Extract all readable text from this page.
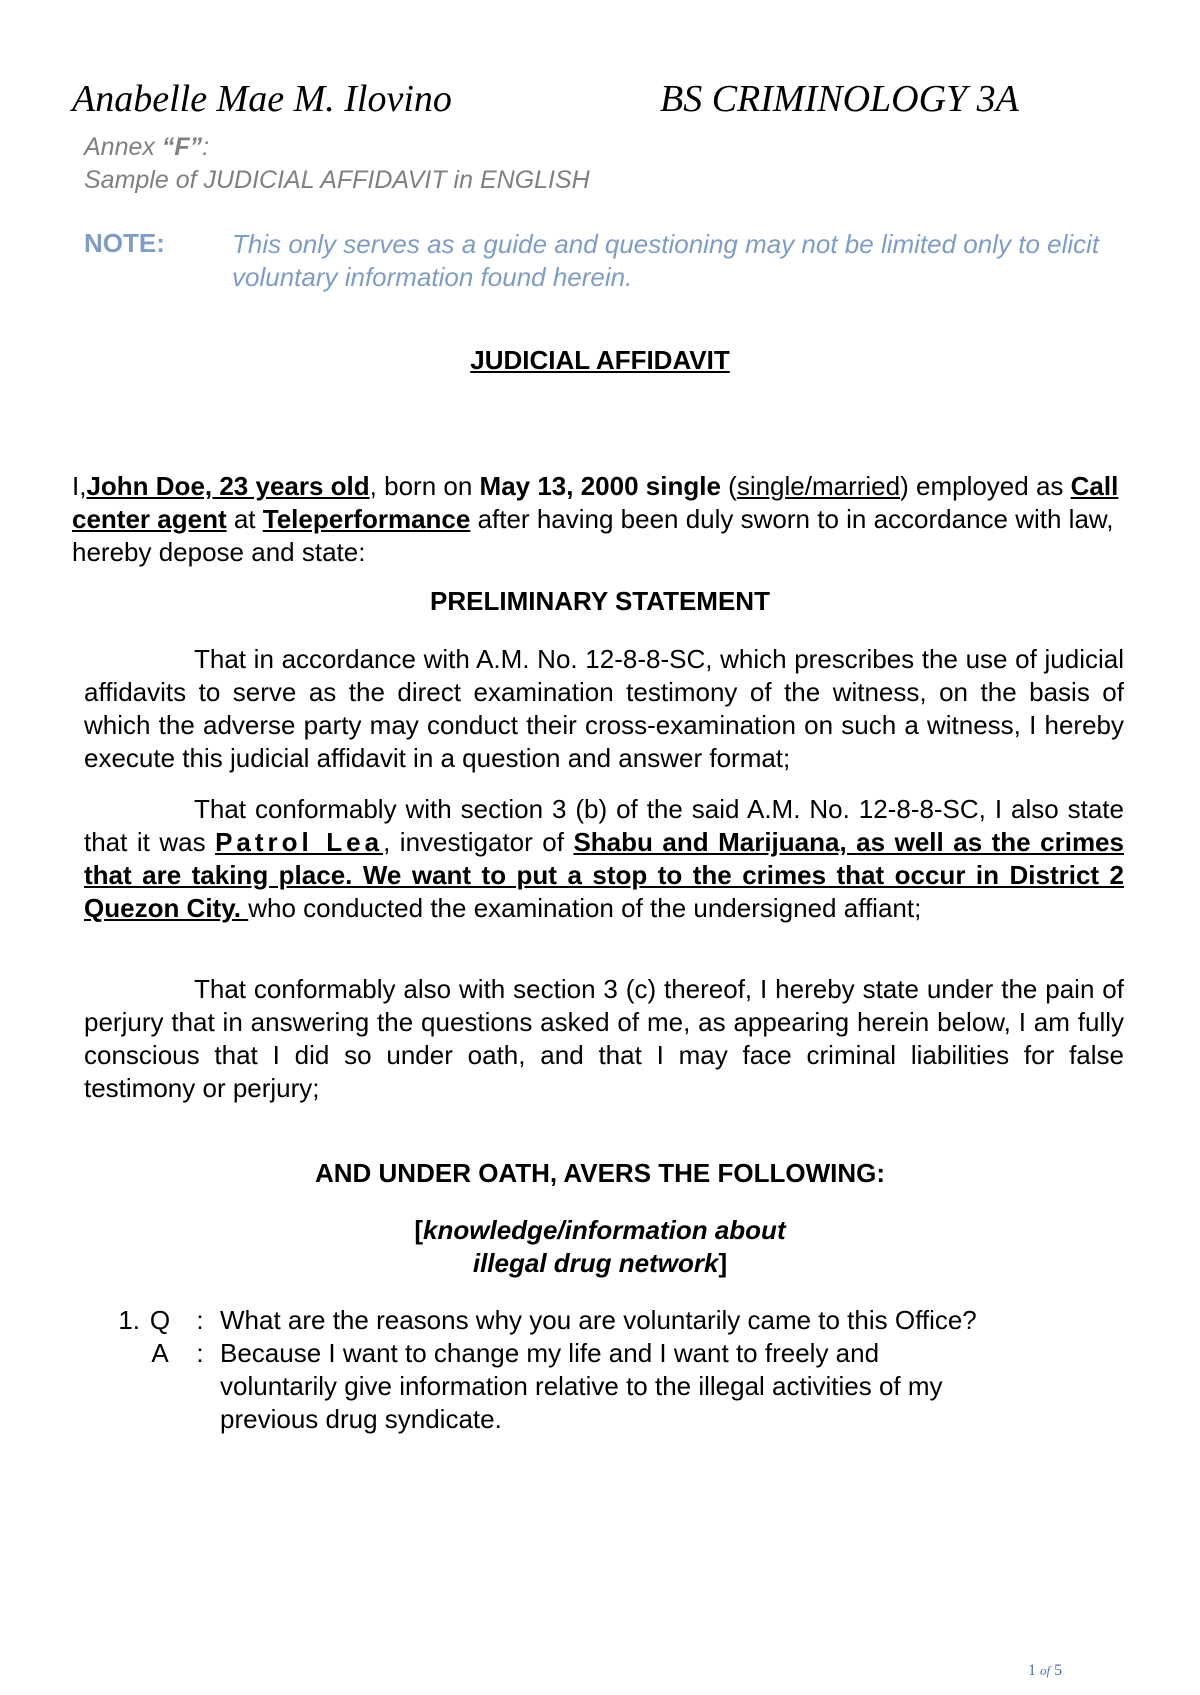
Anabelle Mae M. Ilovino	BS CRIMINOLOGY 3A
Annex “F”:
Sample of JUDICIAL AFFIDAVIT in ENGLISH
NOTE:	This only serves as a guide and questioning may not be limited only to elicit voluntary information found herein.
JUDICIAL AFFIDAVIT
I,John Doe, 23 years old, born on May 13, 2000 single (single/married) employed as Call center agent at Teleperformance after having been duly sworn to in accordance with law, hereby depose and state:
PRELIMINARY STATEMENT
That in accordance with A.M. No. 12-8-8-SC, which prescribes the use of judicial affidavits to serve as the direct examination testimony of the witness, on the basis of which the adverse party may conduct their cross-examination on such a witness, I hereby execute this judicial affidavit in a question and answer format;
That conformably with section 3 (b) of the said A.M. No. 12-8-8-SC, I also state that it was Patrol Lea, investigator of Shabu and Marijuana, as well as the crimes that are taking place. We want to put a stop to the crimes that occur in District 2 Quezon City. who conducted the examination of the undersigned affiant;
That conformably also with section 3 (c) thereof, I hereby state under the pain of perjury that in answering the questions asked of me, as appearing herein below, I am fully conscious that I did so under oath, and that I may face criminal liabilities for false testimony or perjury;
AND UNDER OATH, AVERS THE FOLLOWING:
[knowledge/information about
illegal drug network]
1. Q	: What are the reasons why you are voluntarily came to this Office?
A	: Because I want to change my life and I want to freely and voluntarily give information relative to the illegal activities of my previous drug syndicate.
1 of 5
